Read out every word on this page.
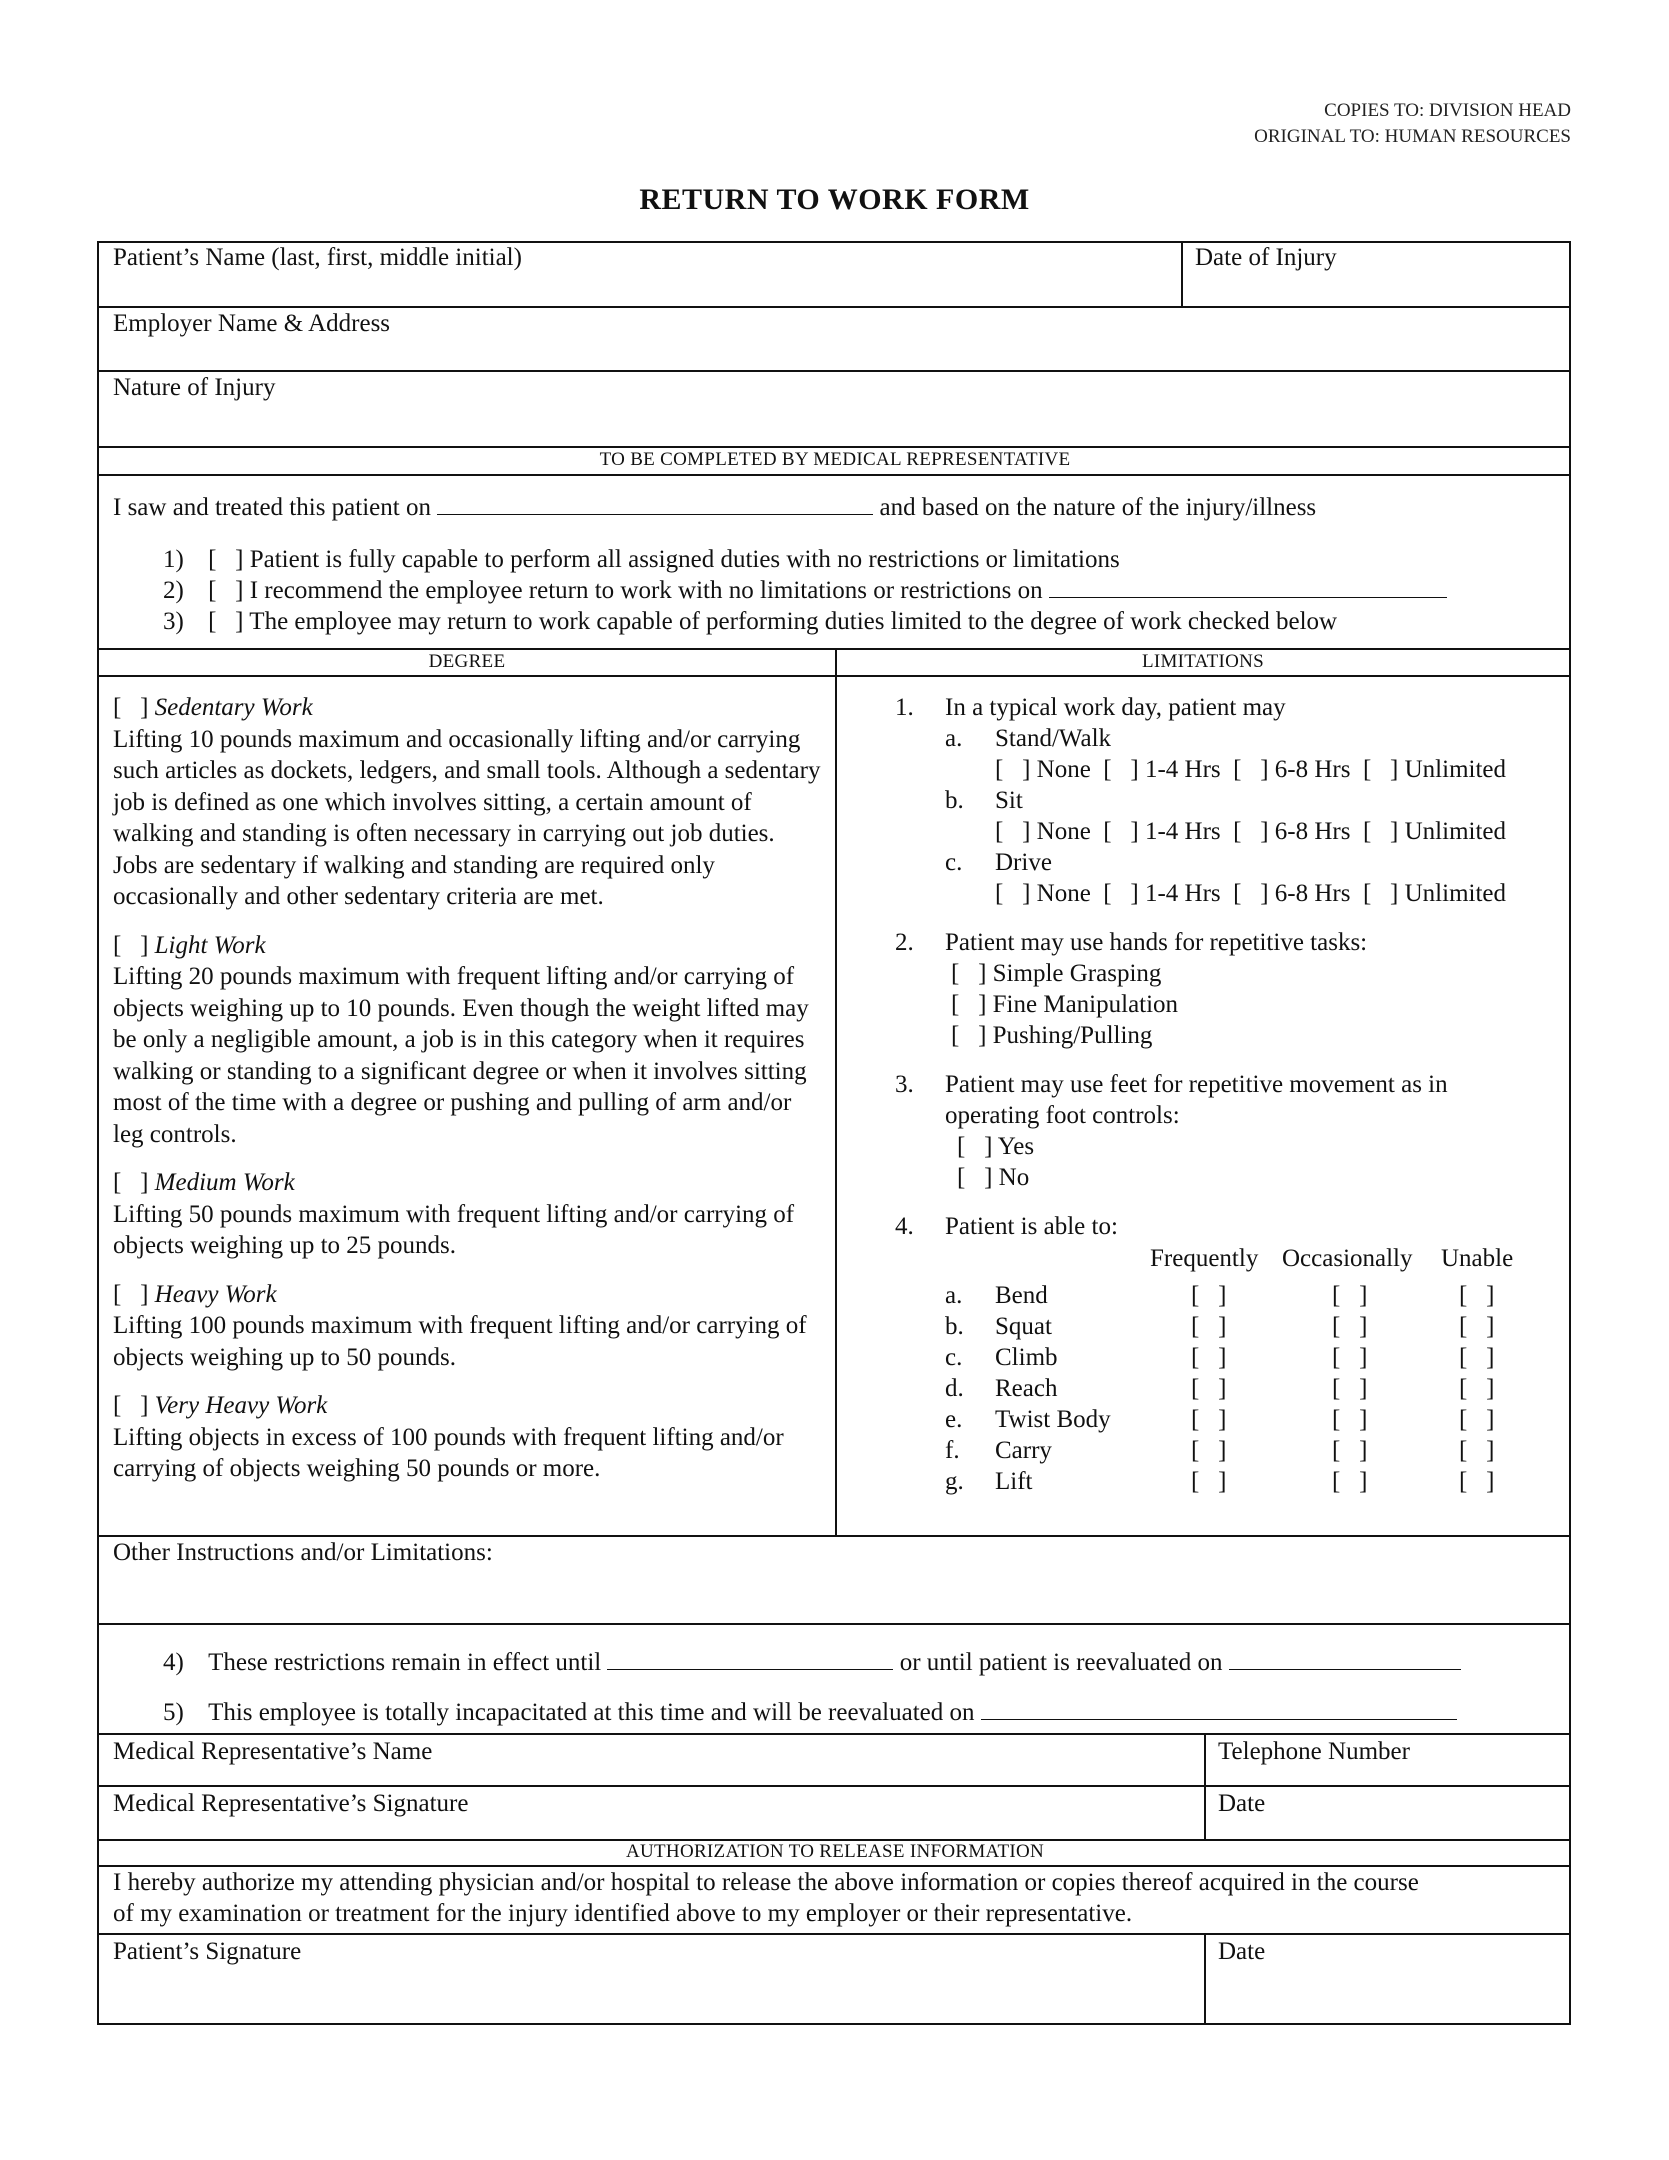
COPIES TO: DIVISION HEAD
ORIGINAL TO: HUMAN RESOURCES
RETURN TO WORK FORM
Patient’s Name (last, first, middle initial)	Date of Injury
Employer Name & Address
Nature of Injury
TO BE COMPLETED BY MEDICAL REPRESENTATIVE
I saw and treated this patient on	and based on the nature of the injury/illness
1) [   ] Patient is fully capable to perform all assigned duties with no restrictions or limitations
2) [   ] I recommend the employee return to work with no limitations or restrictions on
3) [   ] The employee may return to work capable of performing duties limited to the degree of work checked below
DEGREE	LIMITATIONS
[   ] Sedentary Work
Lifting 10 pounds maximum and occasionally lifting and/or carrying such articles as dockets, ledgers, and small tools. Although a sedentary job is defined as one which involves sitting, a certain amount of walking and standing is often necessary in carrying out job duties. Jobs are sedentary if walking and standing are required only occasionally and other sedentary criteria are met.
[   ] Light Work
Lifting 20 pounds maximum with frequent lifting and/or carrying of objects weighing up to 10 pounds. Even though the weight lifted may be only a negligible amount, a job is in this category when it requires walking or standing to a significant degree or when it involves sitting most of the time with a degree or pushing and pulling of arm and/or leg controls.
[   ] Medium Work
Lifting 50 pounds maximum with frequent lifting and/or carrying of objects weighing up to 25 pounds.
[   ] Heavy Work
Lifting 100 pounds maximum with frequent lifting and/or carrying of objects weighing up to 50 pounds.
[   ] Very Heavy Work
Lifting objects in excess of 100 pounds with frequent lifting and/or carrying of objects weighing 50 pounds or more.
1. In a typical work day, patient may
a. Stand/Walk
[   ] None  [   ] 1-4 Hrs  [   ] 6-8 Hrs  [   ] Unlimited
b. Sit
[   ] None  [   ] 1-4 Hrs  [   ] 6-8 Hrs  [   ] Unlimited
c. Drive
[   ] None  [   ] 1-4 Hrs  [   ] 6-8 Hrs  [   ] Unlimited
2. Patient may use hands for repetitive tasks:
[   ] Simple Grasping
[   ] Fine Manipulation
[   ] Pushing/Pulling
3. Patient may use feet for repetitive movement as in
operating foot controls:
[   ] Yes
[   ] No
4. Patient is able to:
Frequently Occasionally Unable
a.	Bend	[   ]	[   ]	[   ]
b.	Squat	[   ]	[   ]	[   ]
c.	Climb	[   ]	[   ]	[   ]
d.	Reach	[   ]	[   ]	[   ]
e.	Twist Body	[   ]	[   ]	[   ]
f.	Carry	[   ]	[   ]	[   ]
g.	Lift	[   ]	[   ]	[   ]
Other Instructions and/or Limitations:
4) These restrictions remain in effect until	or until patient is reevaluated on
5) This employee is totally incapacitated at this time and will be reevaluated on
Medical Representative’s Name	Telephone Number
Medical Representative’s Signature	Date
AUTHORIZATION TO RELEASE INFORMATION
I hereby authorize my attending physician and/or hospital to release the above information or copies thereof acquired in the course
of my examination or treatment for the injury identified above to my employer or their representative.
Patient’s Signature	Date
